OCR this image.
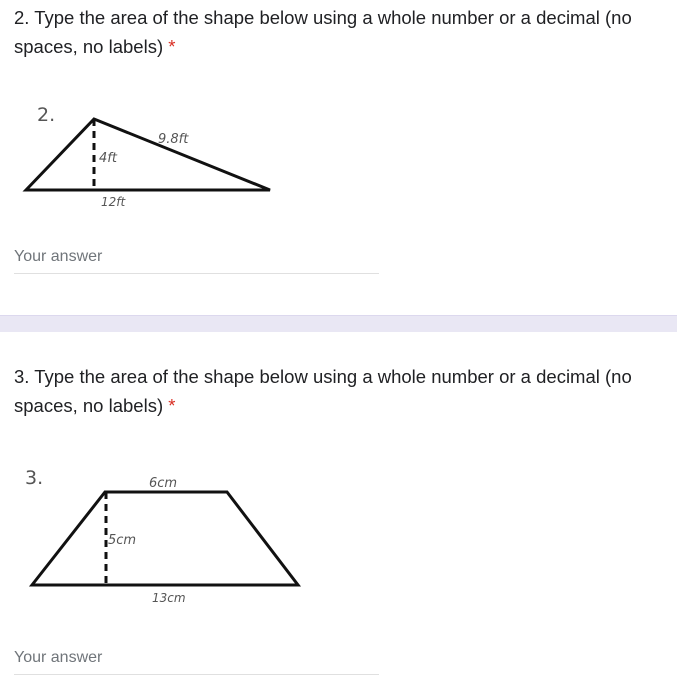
2. Type the area of the shape below using a whole number or a decimal (no spaces, no labels) *
2.
9.8ft
4ft
12ft
Your answer
3. Type the area of the shape below using a whole number or a decimal (no spaces, no labels) *
3.	6cm
5cm
13cm
Your answer
